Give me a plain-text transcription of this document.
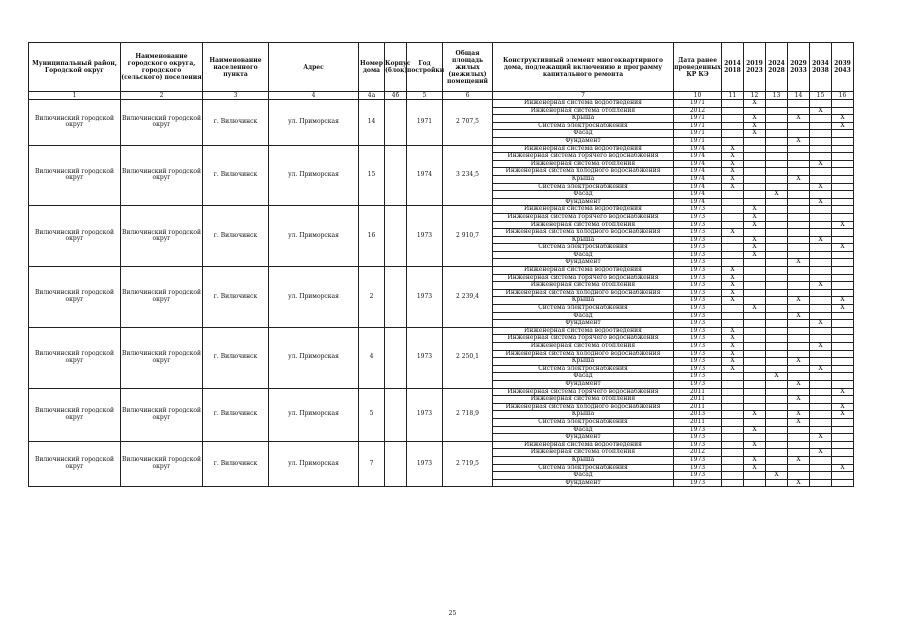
Муниципальный район, Городской округ	Наименование городского округа, городского (сельского) поселения	Наименование населенного пункта	Адрес	Номер дома	Корпус (блок)	Год постройки	Общая площадь жилых (нежилых) помещений	Конструктивный элемент многоквартирного дома, подлежащий включению в программу капитального ремонта	Дата ранее проведенных КР КЭ	2014 2018	2019 2023	2024 2028	2029 2033	2034 2038	2039 2043
1	2	3	4	4а	4б	5	6	7	10	11	12	13	14	15	16
Вилючинский городской округ	Вилючинский городской округ	г. Вилючинск	ул. Приморская	14		1971	2 707,5	Инженерная система водоотведения	1971		X				
								Инженерная система отопления	2012					X	
								Крыша	1971		X		X		X
								Система электроснабжения	1971		X				X
								Фасад	1971		X				
								Фундамент	1971				X		
Вилючинский городской округ	Вилючинский городской округ	г. Вилючинск	ул. Приморская	15		1974	3 234,5	Инженерная система водоотведения	1974	X					
								Инженерная система горячего водоснабжения	1974	X					
								Инженерная система отопления	1974	X				X	
								Инженерная система холодного водоснабжения	1974	X					
								Крыша	1974	X			X		
								Система электроснабжения	1974	X				X	
								Фасад	1974			X			
								Фундамент	1974					X	
Вилючинский городской округ	Вилючинский городской округ	г. Вилючинск	ул. Приморская	16		1973	2 910,7	Инженерная система водоотведения	1973		X				
								Инженерная система горячего водоснабжения	1973		X				
								Инженерная система отопления	1973		X				X
								Инженерная система холодного водоснабжения	1973	X					
								Крыша	1973		X			X	
								Система электроснабжения	1973		X				X
								Фасад	1973		X				
								Фундамент	1973				X		
Вилючинский городской округ	Вилючинский городской округ	г. Вилючинск	ул. Приморская	2		1973	2 239,4	Инженерная система водоотведения	1973	X					
								Инженерная система горячего водоснабжения	1973	X					
								Инженерная система отопления	1973	X				X	
								Инженерная система холодного водоснабжения	1973	X					
								Крыша	1973	X			X		X
								Система электроснабжения	1973		X				X
								Фасад	1973				X		
								Фундамент	1973					X	
Вилючинский городской округ	Вилючинский городской округ	г. Вилючинск	ул. Приморская	4		1973	2 250,1	Инженерная система водоотведения	1973	X					
								Инженерная система горячего водоснабжения	1973	X					
								Инженерная система отопления	1973	X				X	
								Инженерная система холодного водоснабжения	1973	X					
								Крыша	1973	X			X		
								Система электроснабжения	1973	X				X	
								Фасад	1973			X			
								Фундамент	1973				X		
Вилючинский городской округ	Вилючинский городской округ	г. Вилючинск	ул. Приморская	5		1973	2 718,9	Инженерная система горячего водоснабжения	2011						X
								Инженерная система отопления	2011				X		
								Инженерная система холодного водоснабжения	2011						X
								Крыша	2013		X		X		X
								Система электроснабжения	2011				X		
								Фасад	1973		X				
								Фундамент	1973					X	
Вилючинский городской округ	Вилючинский городской округ	г. Вилючинск	ул. Приморская	7		1973	2 719,5	Инженерная система водоотведения	1973		X				
								Инженерная система отопления	2012					X	
								Крыша	1973		X		X		
								Система электроснабжения	1973		X				X
								Фасад	1973			X			
								Фундамент	1973				X		
25
